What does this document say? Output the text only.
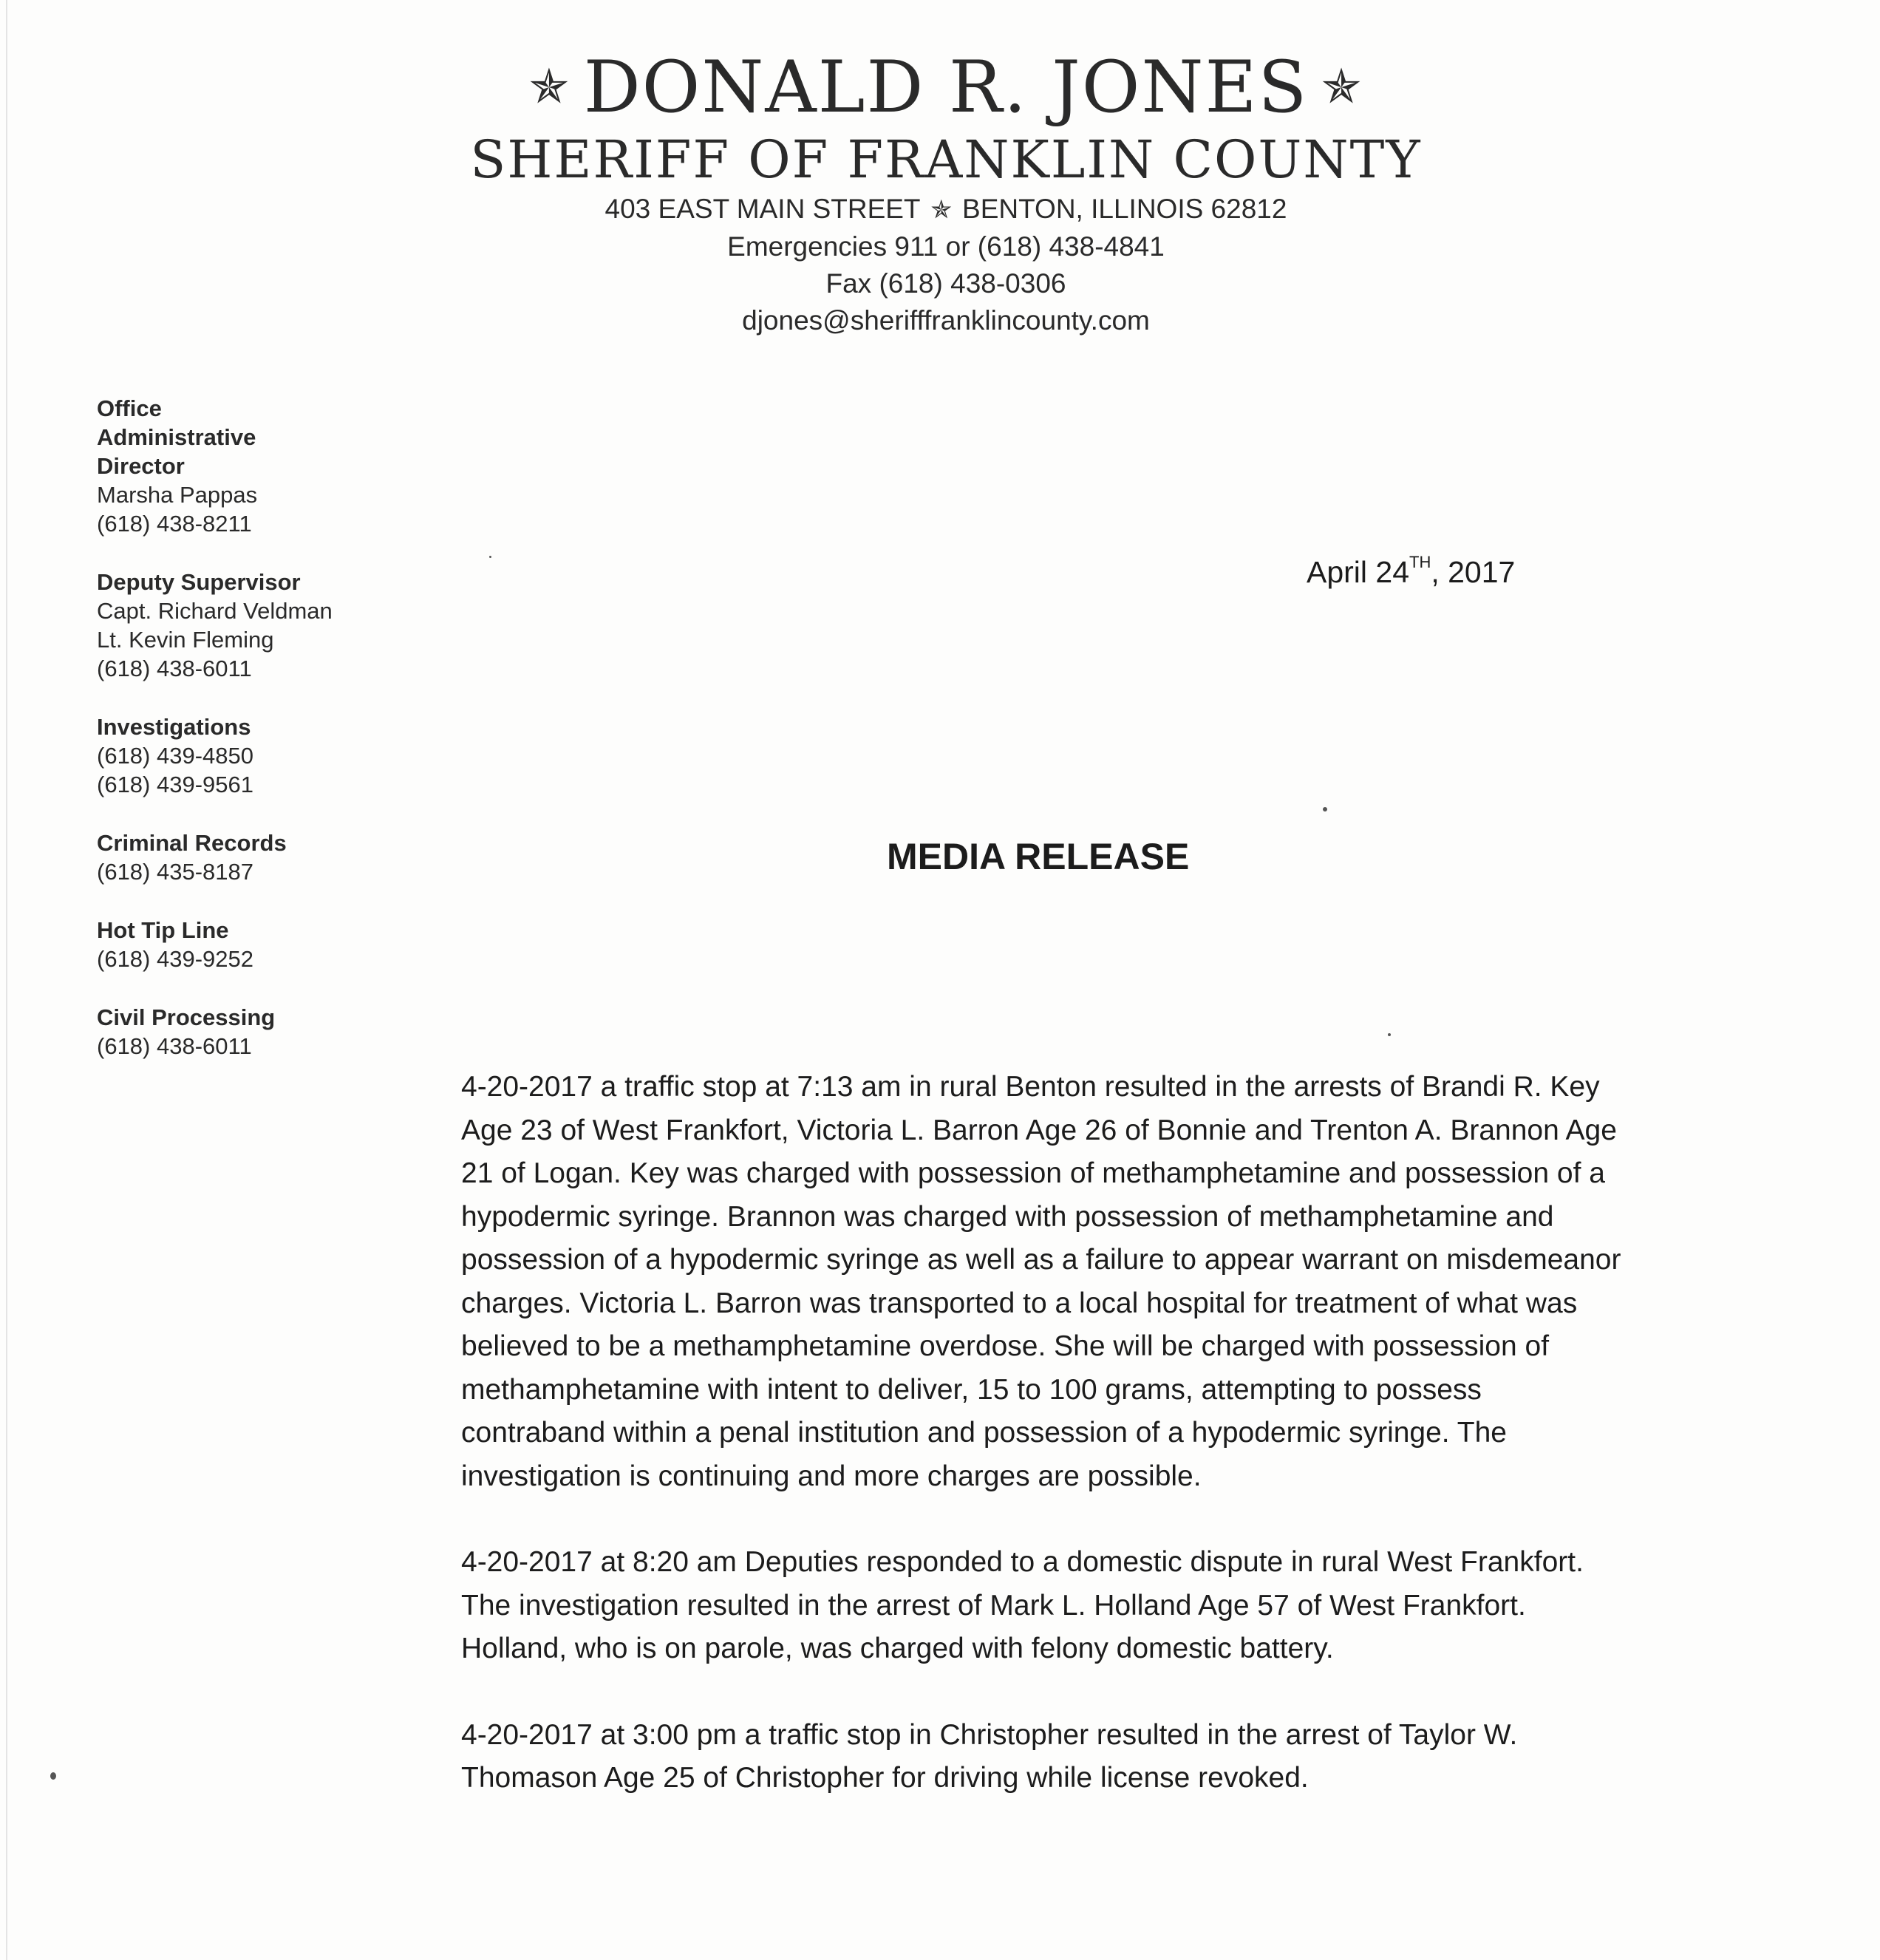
✯ DONALD R. JONES ✯
SHERIFF OF FRANKLIN COUNTY
403 EAST MAIN STREET ✯ BENTON, ILLINOIS 62812
Emergencies 911 or (618) 438-4841
Fax (618) 438-0306
djones@sherifffranklincounty.com
Office
Administrative
Director
Marsha Pappas
(618) 438-8211
Deputy Supervisor
Capt. Richard Veldman
Lt. Kevin Fleming
(618) 438-6011
Investigations
(618) 439-4850
(618) 439-9561
Criminal Records
(618) 435-8187
Hot Tip Line
(618) 439-9252
Civil Processing
(618) 438-6011
April 24TH, 2017
MEDIA RELEASE

4-20-2017 a traffic stop at 7:13 am in rural Benton resulted in the arrests of Brandi R. Key Age 23 of West Frankfort, Victoria L. Barron Age 26 of Bonnie and Trenton A. Brannon Age 21 of Logan. Key was charged with possession of methamphetamine and possession of a hypodermic syringe. Brannon was charged with possession of methamphetamine and possession of a hypodermic syringe as well as a failure to appear warrant on misdemeanor charges. Victoria L. Barron was transported to a local hospital for treatment of what was believed to be a methamphetamine overdose. She will be charged with possession of methamphetamine with intent to deliver, 15 to 100 grams, attempting to possess contraband within a penal institution and possession of a hypodermic syringe. The investigation is continuing and more charges are possible.

4-20-2017 at 8:20 am Deputies responded to a domestic dispute in rural West Frankfort. The investigation resulted in the arrest of Mark L. Holland Age 57 of West Frankfort. Holland, who is on parole, was charged with felony domestic battery.

4-20-2017 at 3:00 pm a traffic stop in Christopher resulted in the arrest of Taylor W. Thomason Age 25 of Christopher for driving while license revoked.
